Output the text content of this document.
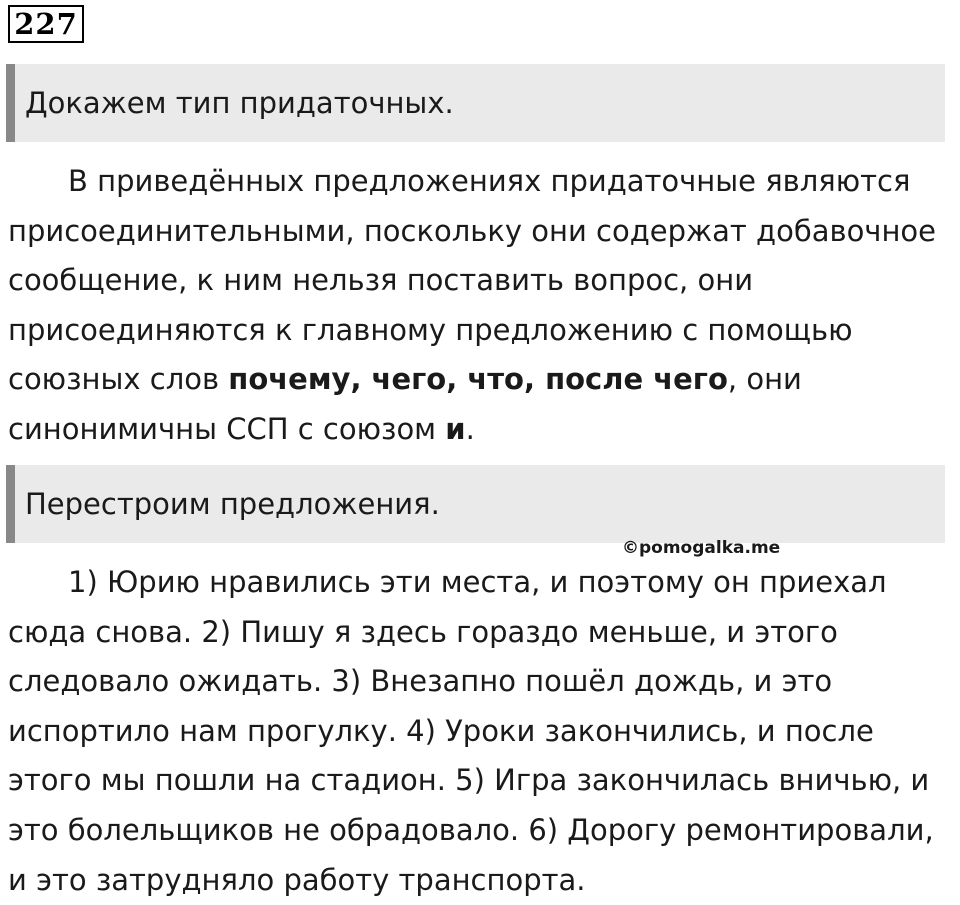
227
Докажем тип придаточных.

В приведённых предложениях придаточные являются
присоединительными, поскольку они содержат добавочное
сообщение, к ним нельзя поставить вопрос, они
присоединяются к главному предложению с помощью
союзных слов почему, чего, что, после чего, они
синонимичны ССП с союзом и.

Перестроим предложения.
©pomogalka.me

1) Юрию нравились эти места, и поэтому он приехал
сюда снова. 2) Пишу я здесь гораздо меньше, и этого
следовало ожидать. 3) Внезапно пошёл дождь, и это
испортило нам прогулку. 4) Уроки закончились, и после
этого мы пошли на стадион. 5) Игра закончилась вничью, и
это болельщиков не обрадовало. 6) Дорогу ремонтировали,
и это затрудняло работу транспорта.
